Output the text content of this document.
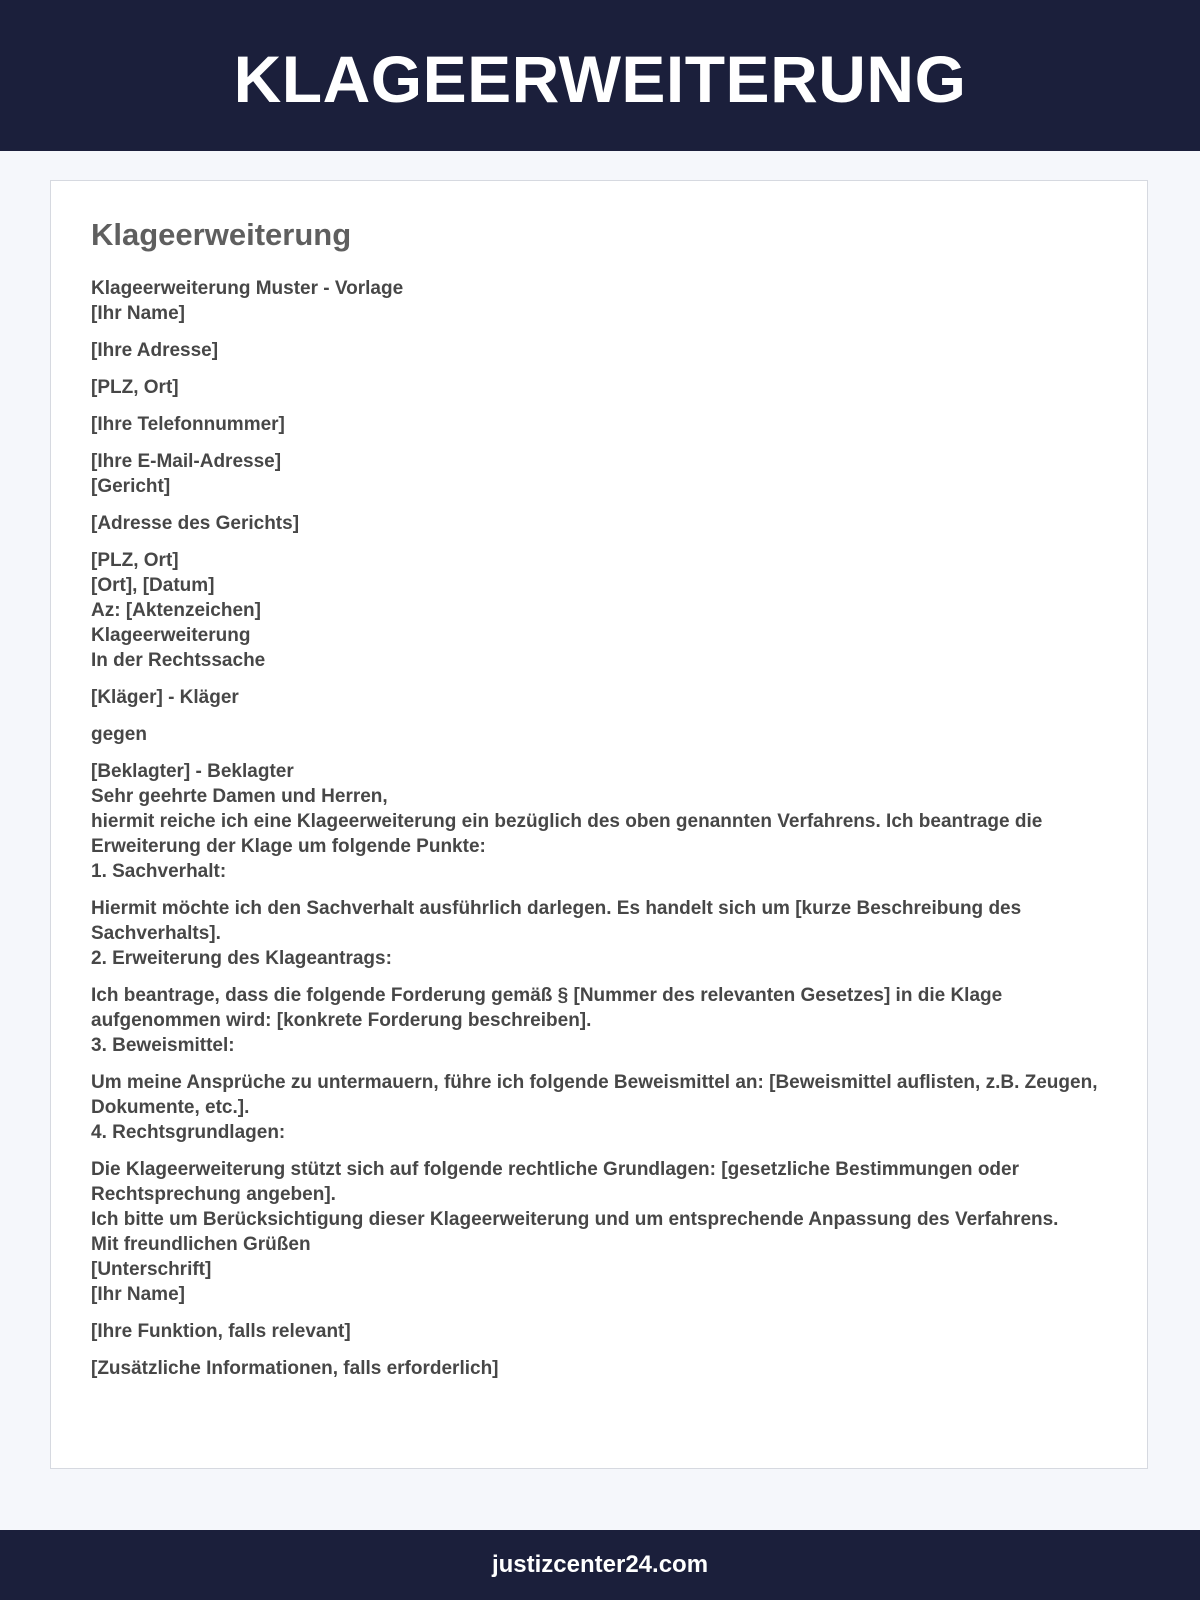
KLAGEERWEITERUNG
Klageerweiterung

Klageerweiterung Muster - Vorlage
[Ihr Name]

[Ihre Adresse]

[PLZ, Ort]

[Ihre Telefonnummer]

[Ihre E-Mail-Adresse]
[Gericht]

[Adresse des Gerichts]

[PLZ, Ort]
[Ort], [Datum]
Az: [Aktenzeichen]
Klageerweiterung
In der Rechtssache

[Kläger] - Kläger

gegen

[Beklagter] - Beklagter
Sehr geehrte Damen und Herren,
hiermit reiche ich eine Klageerweiterung ein bezüglich des oben genannten Verfahrens. Ich beantrage die Erweiterung der Klage um folgende Punkte:
1. Sachverhalt:

Hiermit möchte ich den Sachverhalt ausführlich darlegen. Es handelt sich um [kurze Beschreibung des Sachverhalts].
2. Erweiterung des Klageantrags:

Ich beantrage, dass die folgende Forderung gemäß § [Nummer des relevanten Gesetzes] in die Klage aufgenommen wird: [konkrete Forderung beschreiben].
3. Beweismittel:

Um meine Ansprüche zu untermauern, führe ich folgende Beweismittel an: [Beweismittel auflisten, z.B. Zeugen, Dokumente, etc.].
4. Rechtsgrundlagen:

Die Klageerweiterung stützt sich auf folgende rechtliche Grundlagen: [gesetzliche Bestimmungen oder Rechtsprechung angeben].
Ich bitte um Berücksichtigung dieser Klageerweiterung und um entsprechende Anpassung des Verfahrens.
Mit freundlichen Grüßen
[Unterschrift]
[Ihr Name]

[Ihre Funktion, falls relevant]

[Zusätzliche Informationen, falls erforderlich]

justizcenter24.com
